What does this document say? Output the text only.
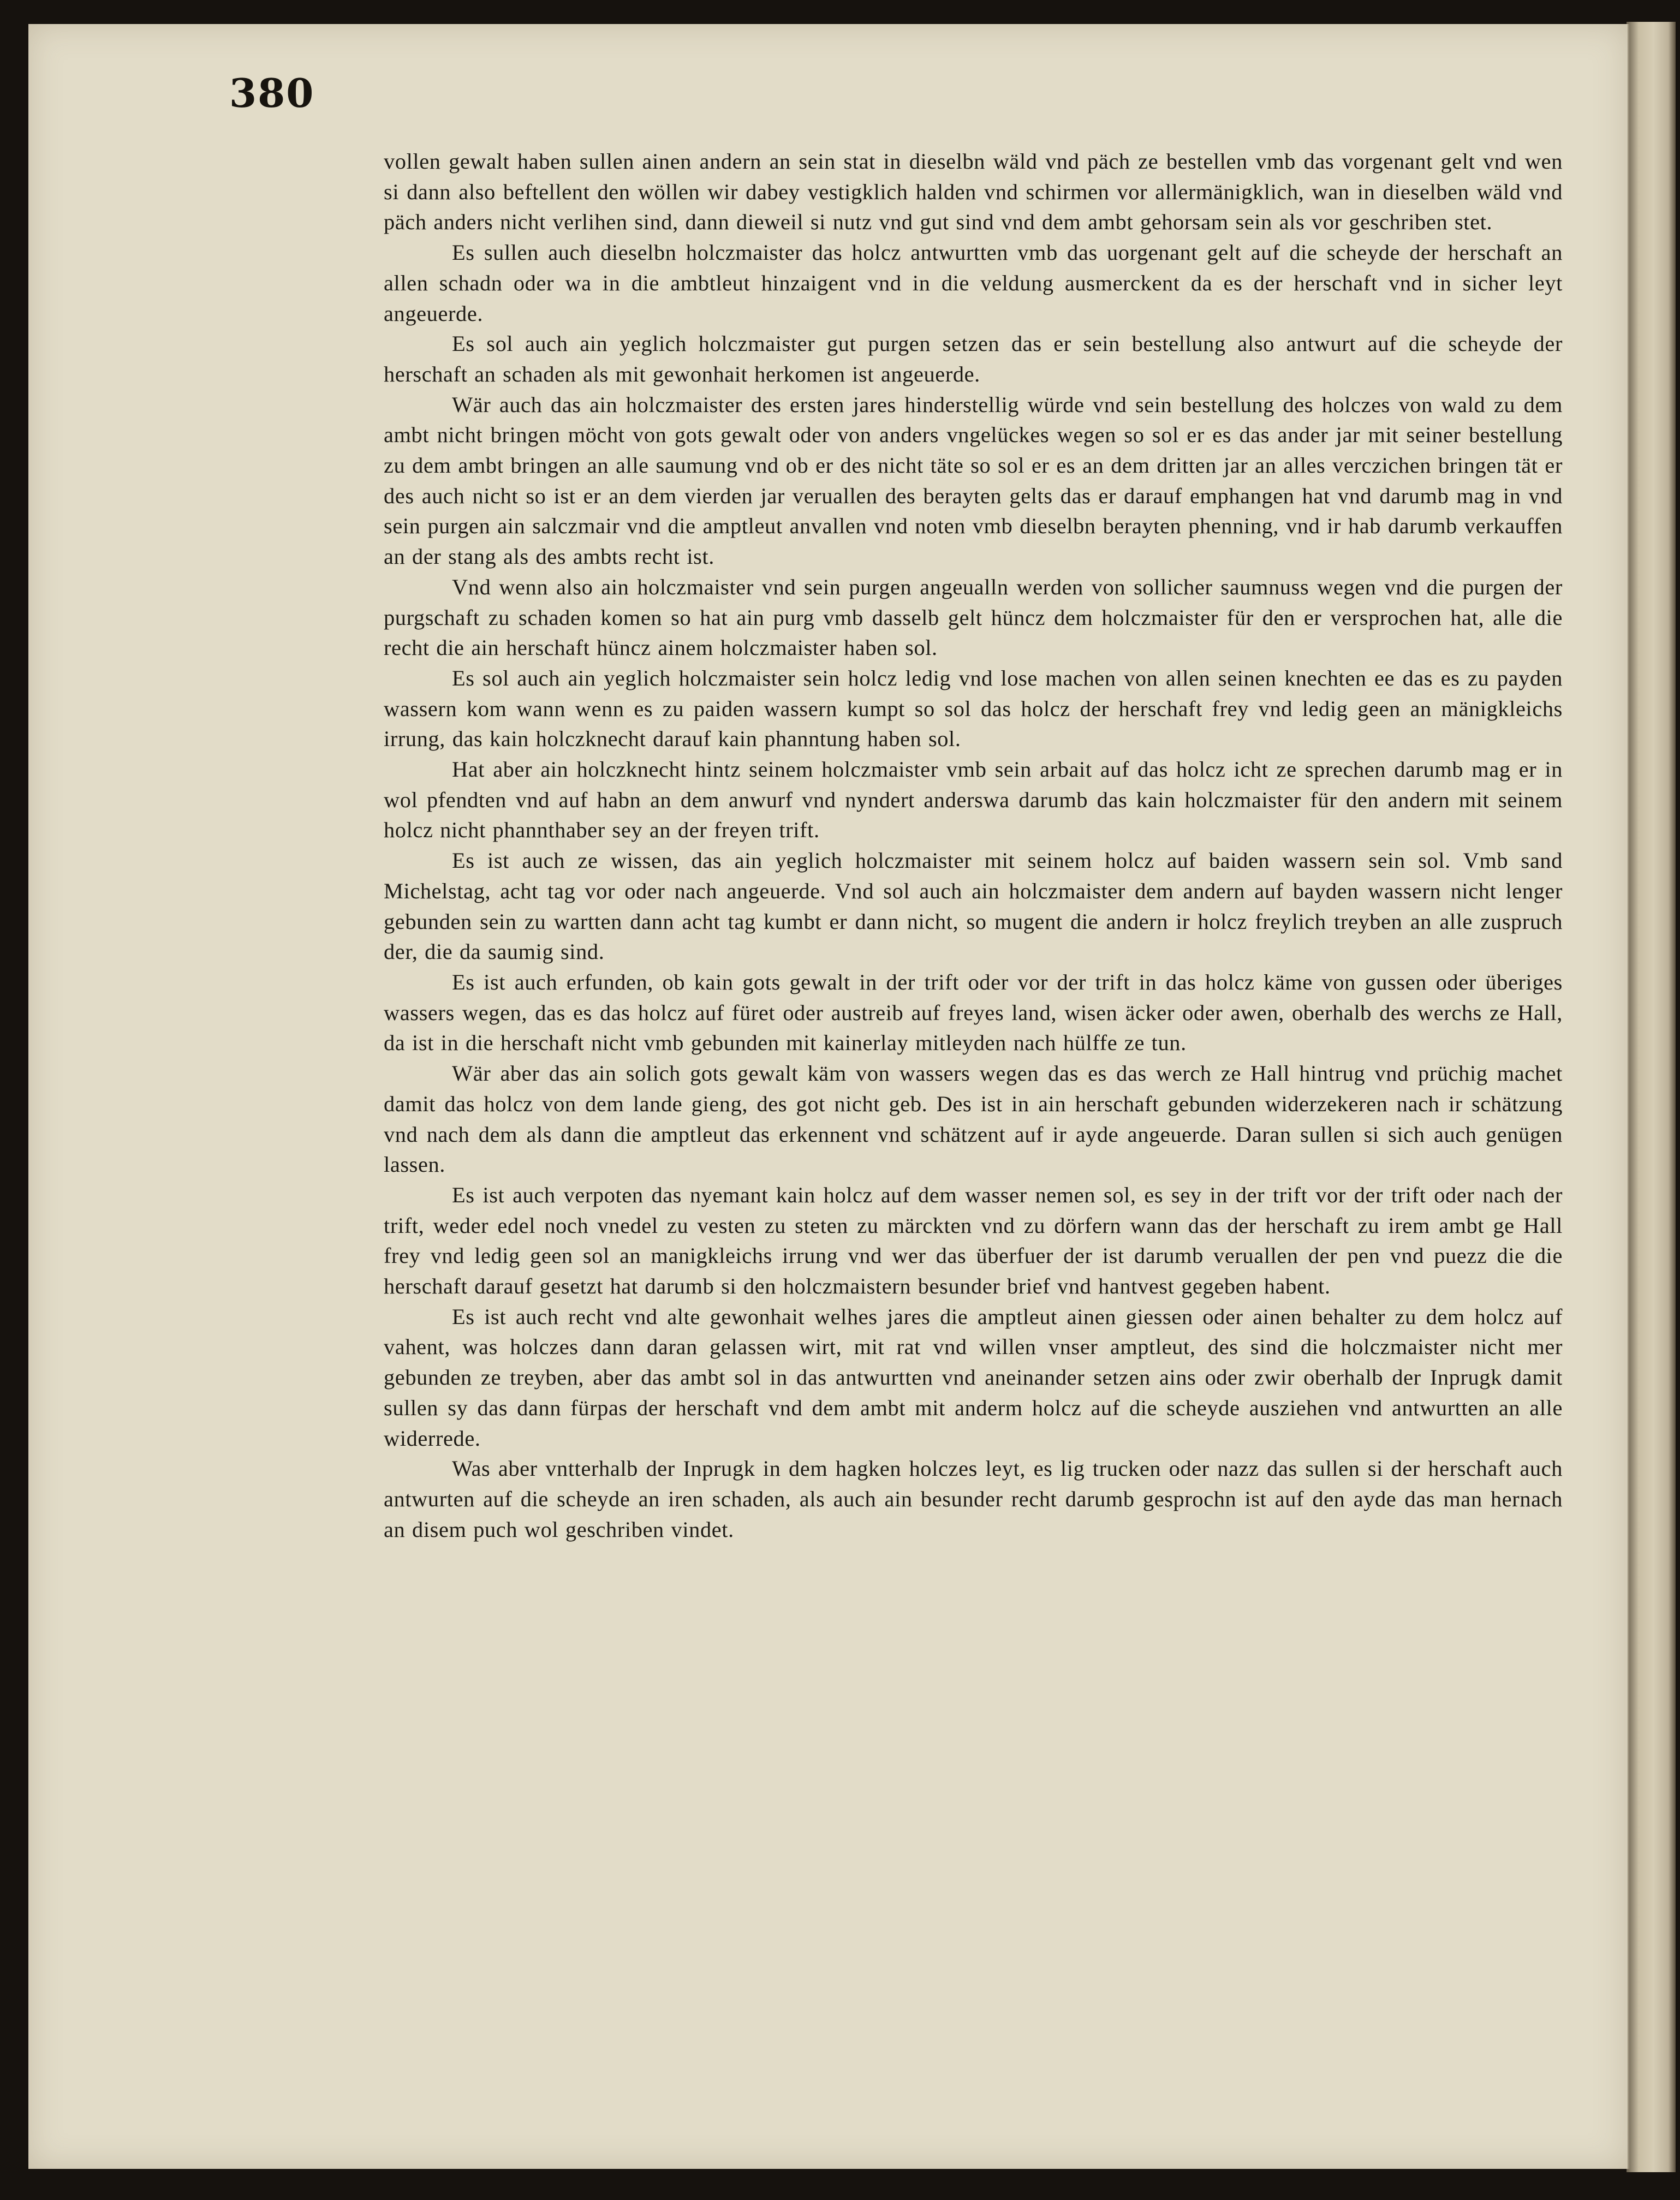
380

vollen gewalt haben sullen ainen andern an sein stat in dieselbn wäld vnd päch ze bestellen vmb das vorgenant gelt vnd wen si dann also beftellent den wöllen wir dabey vestigklich halden vnd schirmen vor allermänigklich, wan in dieselben wäld vnd päch anders nicht verlihen sind, dann dieweil si nutz vnd gut sind vnd dem ambt gehorsam sein als vor geschriben stet.

Es sullen auch dieselbn holczmaister das holcz antwurtten vmb das uorgenant gelt auf die scheyde der herschaft an allen schadn oder wa in die ambtleut hinzaigent vnd in die veldung ausmerckent da es der herschaft vnd in sicher leyt angeuerde.

Es sol auch ain yeglich holczmaister gut purgen setzen das er sein bestellung also antwurt auf die scheyde der herschaft an schaden als mit gewonhait herkomen ist angeuerde.

Wär auch das ain holczmaister des ersten jares hinderstellig würde vnd sein bestellung des holczes von wald zu dem ambt nicht bringen möcht von gots gewalt oder von anders vngelückes wegen so sol er es das ander jar mit seiner bestellung zu dem ambt bringen an alle saumung vnd ob er des nicht täte so sol er es an dem dritten jar an alles verczichen bringen tät er des auch nicht so ist er an dem vierden jar veruallen des berayten gelts das er darauf emphangen hat vnd darumb mag in vnd sein purgen ain salczmair vnd die amptleut anvallen vnd noten vmb dieselbn berayten phenning, vnd ir hab darumb verkauffen an der stang als des ambts recht ist.

Vnd wenn also ain holczmaister vnd sein purgen angeualln werden von sollicher saumnuss wegen vnd die purgen der purgschaft zu schaden komen so hat ain purg vmb dasselb gelt hüncz dem holczmaister für den er versprochen hat, alle die recht die ain herschaft hüncz ainem holczmaister haben sol.

Es sol auch ain yeglich holczmaister sein holcz ledig vnd lose machen von allen seinen knechten ee das es zu payden wassern kom wann wenn es zu paiden wassern kumpt so sol das holcz der herschaft frey vnd ledig geen an mänigkleichs irrung, das kain holczknecht darauf kain phanntung haben sol.

Hat aber ain holczknecht hintz seinem holczmaister vmb sein arbait auf das holcz icht ze sprechen darumb mag er in wol pfendten vnd auf habn an dem anwurf vnd nyndert anderswa darumb das kain holczmaister für den andern mit seinem holcz nicht phannthaber sey an der freyen trift.

Es ist auch ze wissen, das ain yeglich holczmaister mit seinem holcz auf baiden wassern sein sol. Vmb sand Michelstag, acht tag vor oder nach angeuerde. Vnd sol auch ain holczmaister dem andern auf bayden wassern nicht lenger gebunden sein zu wartten dann acht tag kumbt er dann nicht, so mugent die andern ir holcz freylich treyben an alle zuspruch der, die da saumig sind.

Es ist auch erfunden, ob kain gots gewalt in der trift oder vor der trift in das holcz käme von gussen oder überiges wassers wegen, das es das holcz auf füret oder austreib auf freyes land, wisen äcker oder awen, oberhalb des werchs ze Hall, da ist in die herschaft nicht vmb gebunden mit kainerlay mitleyden nach hülffe ze tun.

Wär aber das ain solich gots gewalt käm von wassers wegen das es das werch ze Hall hintrug vnd prüchig machet damit das holcz von dem lande gieng, des got nicht geb. Des ist in ain herschaft gebunden widerzekeren nach ir schätzung vnd nach dem als dann die amptleut das erkennent vnd schätzent auf ir ayde angeuerde. Daran sullen si sich auch genügen lassen.

Es ist auch verpoten das nyemant kain holcz auf dem wasser nemen sol, es sey in der trift vor der trift oder nach der trift, weder edel noch vnedel zu vesten zu steten zu märckten vnd zu dörfern wann das der herschaft zu irem ambt ge Hall frey vnd ledig geen sol an manigkleichs irrung vnd wer das überfuer der ist darumb veruallen der pen vnd puezz die die herschaft darauf gesetzt hat darumb si den holczmaistern besunder brief vnd hantvest gegeben habent.

Es ist auch recht vnd alte gewonhait welhes jares die amptleut ainen giessen oder ainen behalter zu dem holcz auf vahent, was holczes dann daran gelassen wirt, mit rat vnd willen vnser amptleut, des sind die holczmaister nicht mer gebunden ze treyben, aber das ambt sol in das antwurtten vnd aneinander setzen ains oder zwir oberhalb der Inprugk damit sullen sy das dann fürpas der herschaft vnd dem ambt mit anderm holcz auf die scheyde ausziehen vnd antwurtten an alle widerrede.

Was aber vntterhalb der Inprugk in dem hagken holczes leyt, es lig trucken oder nazz das sullen si der herschaft auch antwurten auf die scheyde an iren schaden, als auch ain besunder recht darumb gesprochn ist auf den ayde das man hernach an disem puch wol geschriben vindet.
